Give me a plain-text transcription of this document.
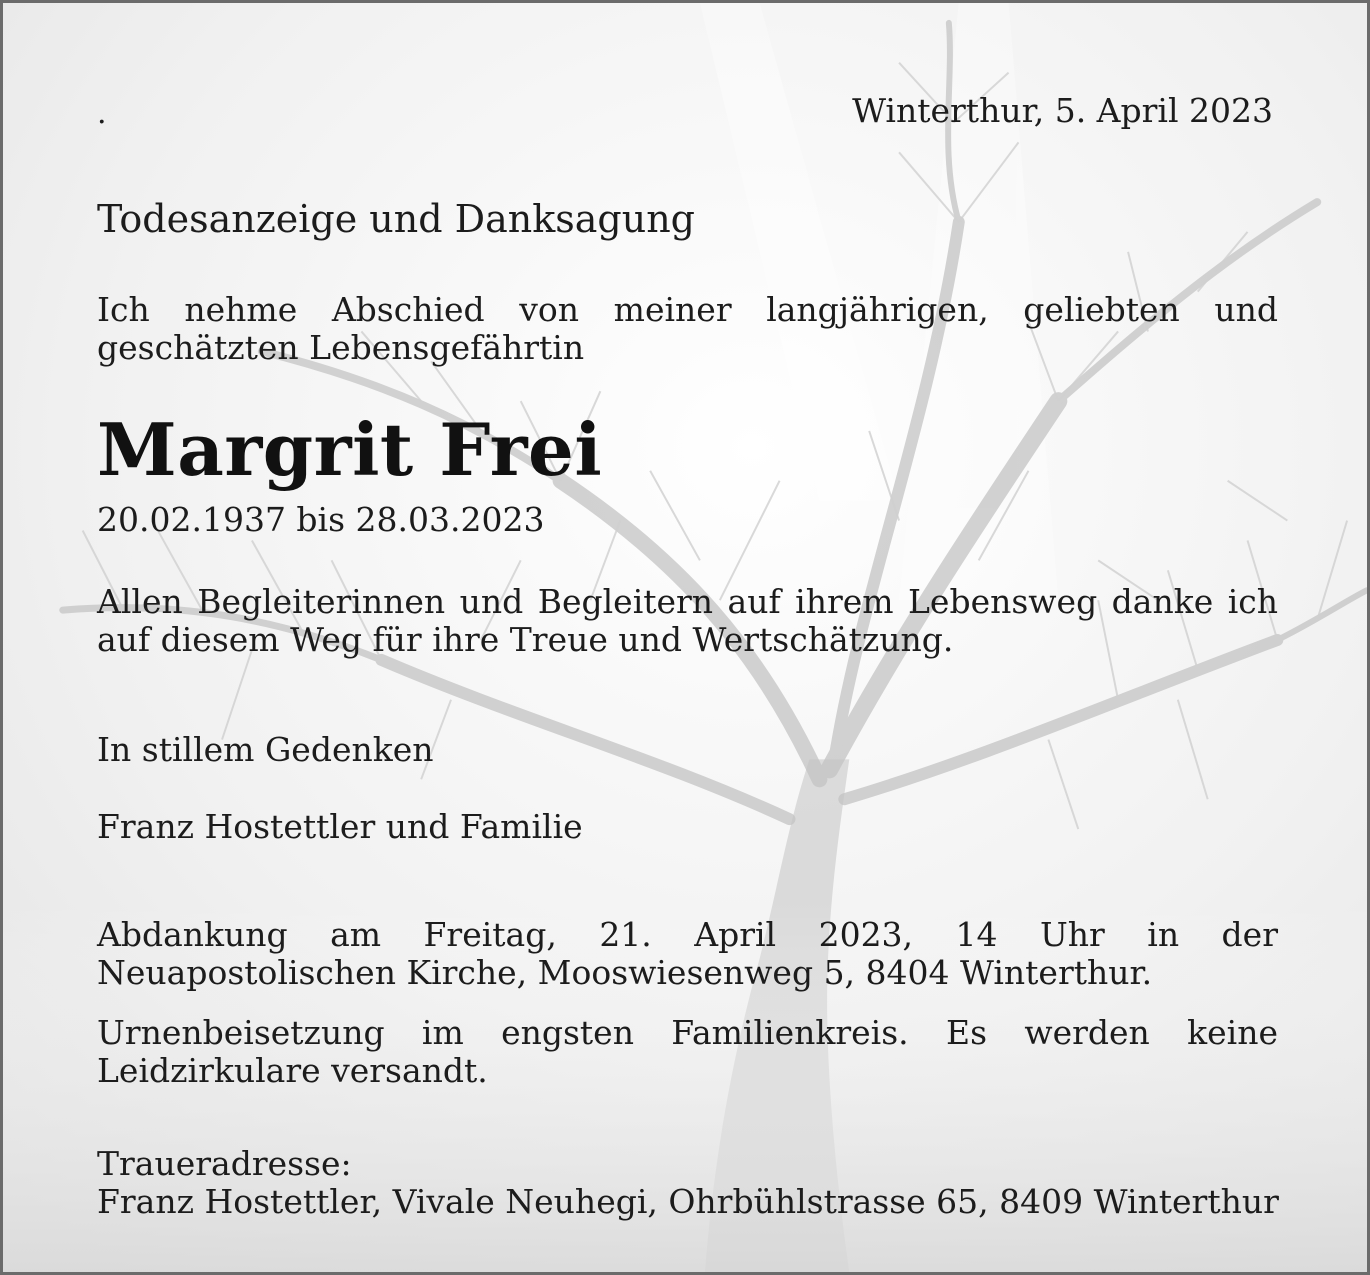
.	Winterthur, 5. April 2023
Todesanzeige und Danksagung

Ich nehme Abschied von meiner langjährigen, geliebten und geschätzten Lebensgefährtin

Margrit Frei
20.02.1937 bis 28.03.2023

Allen Begleiterinnen und Begleitern auf ihrem Lebensweg danke ich auf diesem Weg für ihre Treue und Wertschätzung.

In stillem Gedenken
Franz Hostettler und Familie

Abdankung am Freitag, 21. April 2023, 14 Uhr in der Neuapostolischen Kirche, Mooswiesenweg 5, 8404 Winterthur.

Urnenbeisetzung im engsten Familienkreis. Es werden keine Leidzirkulare versandt.

Traueradresse:
Franz Hostettler, Vivale Neuhegi, Ohrbühlstrasse 65, 8409 Winterthur
